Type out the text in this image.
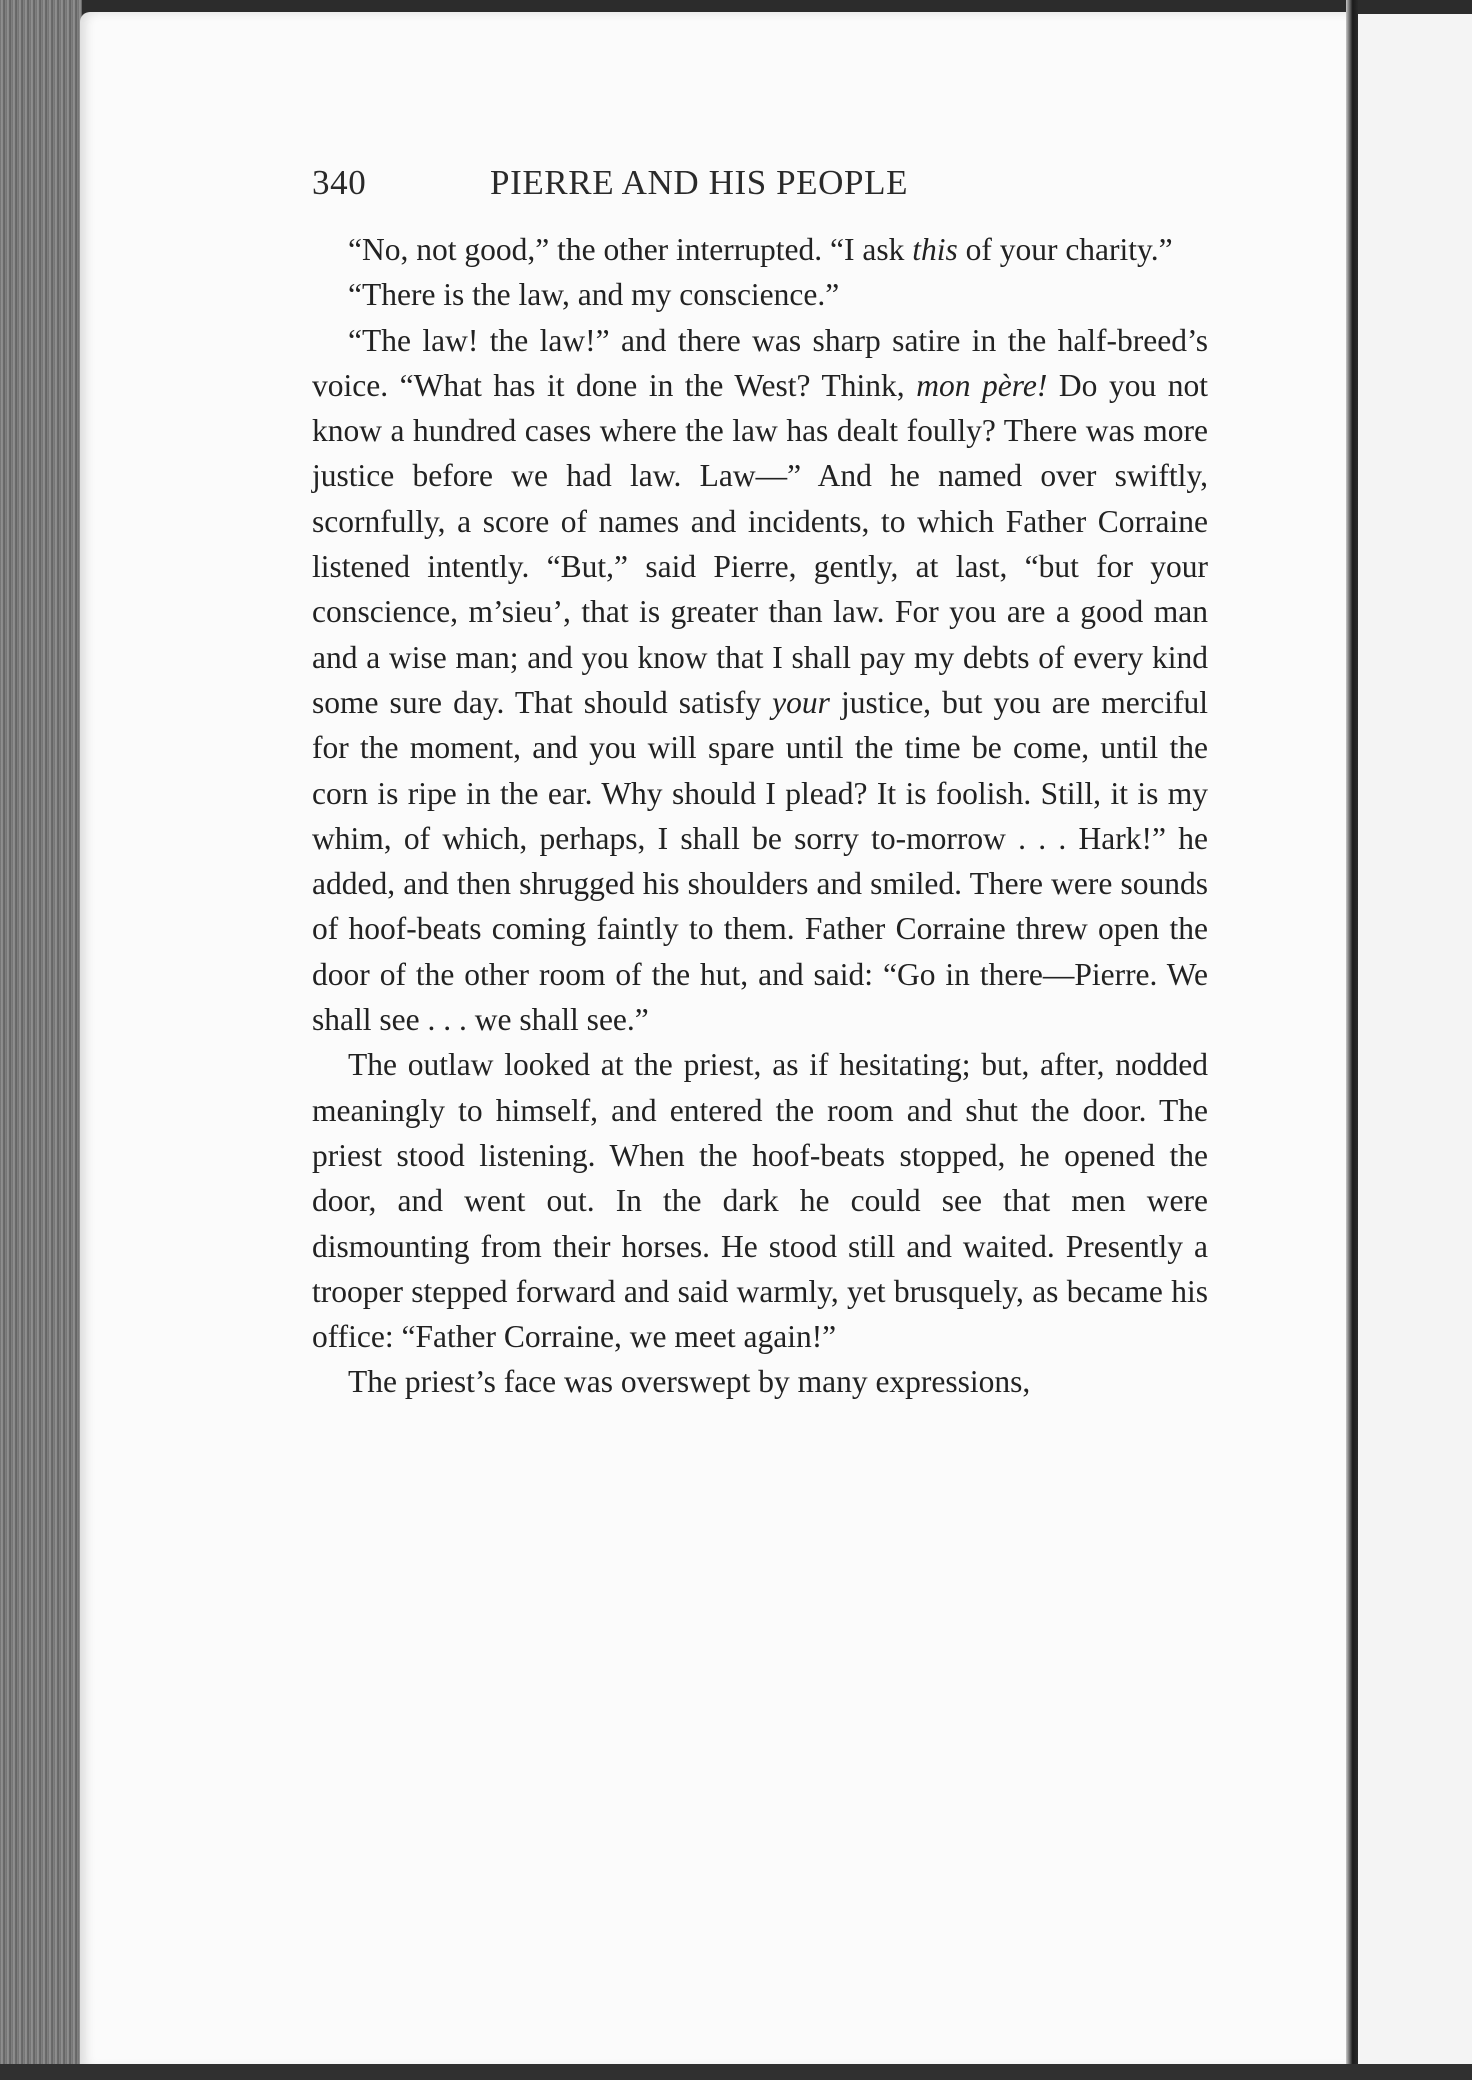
340	PIERRE AND HIS PEOPLE

“No, not good,” the other interrupted. “I ask this of your charity.”

“There is the law, and my conscience.”

“The law! the law!” and there was sharp satire in the half-breed’s voice. “What has it done in the West? Think, mon père! Do you not know a hundred cases where the law has dealt foully? There was more justice before we had law. Law—” And he named over swiftly, scornfully, a score of names and incidents, to which Father Corraine listened intently. “But,” said Pierre, gently, at last, “but for your conscience, m’sieu’, that is greater than law. For you are a good man and a wise man; and you know that I shall pay my debts of every kind some sure day. That should satisfy your justice, but you are merciful for the moment, and you will spare until the time be come, until the corn is ripe in the ear. Why should I plead? It is foolish. Still, it is my whim, of which, perhaps, I shall be sorry to-morrow . . . Hark!” he added, and then shrugged his shoulders and smiled. There were sounds of hoof-beats coming faintly to them. Father Corraine threw open the door of the other room of the hut, and said: “Go in there—Pierre. We shall see . . . we shall see.”

The outlaw looked at the priest, as if hesitating; but, after, nodded meaningly to himself, and entered the room and shut the door. The priest stood listening. When the hoof-beats stopped, he opened the door, and went out. In the dark he could see that men were dismounting from their horses. He stood still and waited. Presently a trooper stepped forward and said warmly, yet brusquely, as became his office: “Father Corraine, we meet again!”

The priest’s face was overswept by many expressions,
